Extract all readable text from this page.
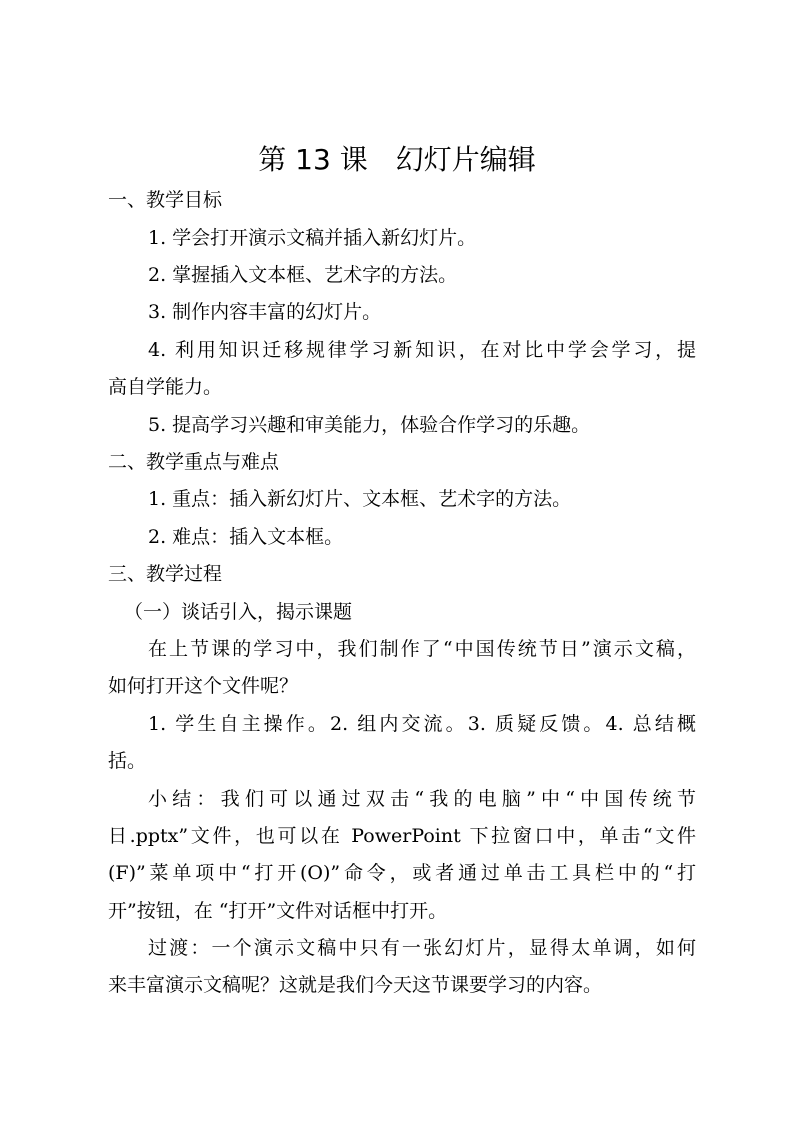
第 13 课　幻灯片编辑
一、教学目标
1. 学会打开演示文稿并插入新幻灯片。
2. 掌握插入文本框、艺术字的方法。
3. 制作内容丰富的幻灯片。
4. 利用知识迁移规律学习新知识，在对比中学会学习，提
高自学能力。
5. 提高学习兴趣和审美能力，体验合作学习的乐趣。
二、教学重点与难点
1. 重点：插入新幻灯片、文本框、艺术字的方法。
2. 难点：插入文本框。
三、教学过程
（一）谈话引入，揭示课题
在上节课的学习中，我们制作了“中国传统节日”演示文稿，
如何打开这个文件呢？
1. 学生自主操作。2. 组内交流。3. 质疑反馈。4. 总结概
括。
小结：我们可以通过双击“我的电脑”中“中国传统节
日.pptx”文件，也可以在 PowerPoint 下拉窗口中，单击“文件
(F)”菜单项中“打开(O)”命令，或者通过单击工具栏中的“打
开”按钮，在 “打开”文件对话框中打开。
过渡：一个演示文稿中只有一张幻灯片，显得太单调，如何
来丰富演示文稿呢？这就是我们今天这节课要学习的内容。
